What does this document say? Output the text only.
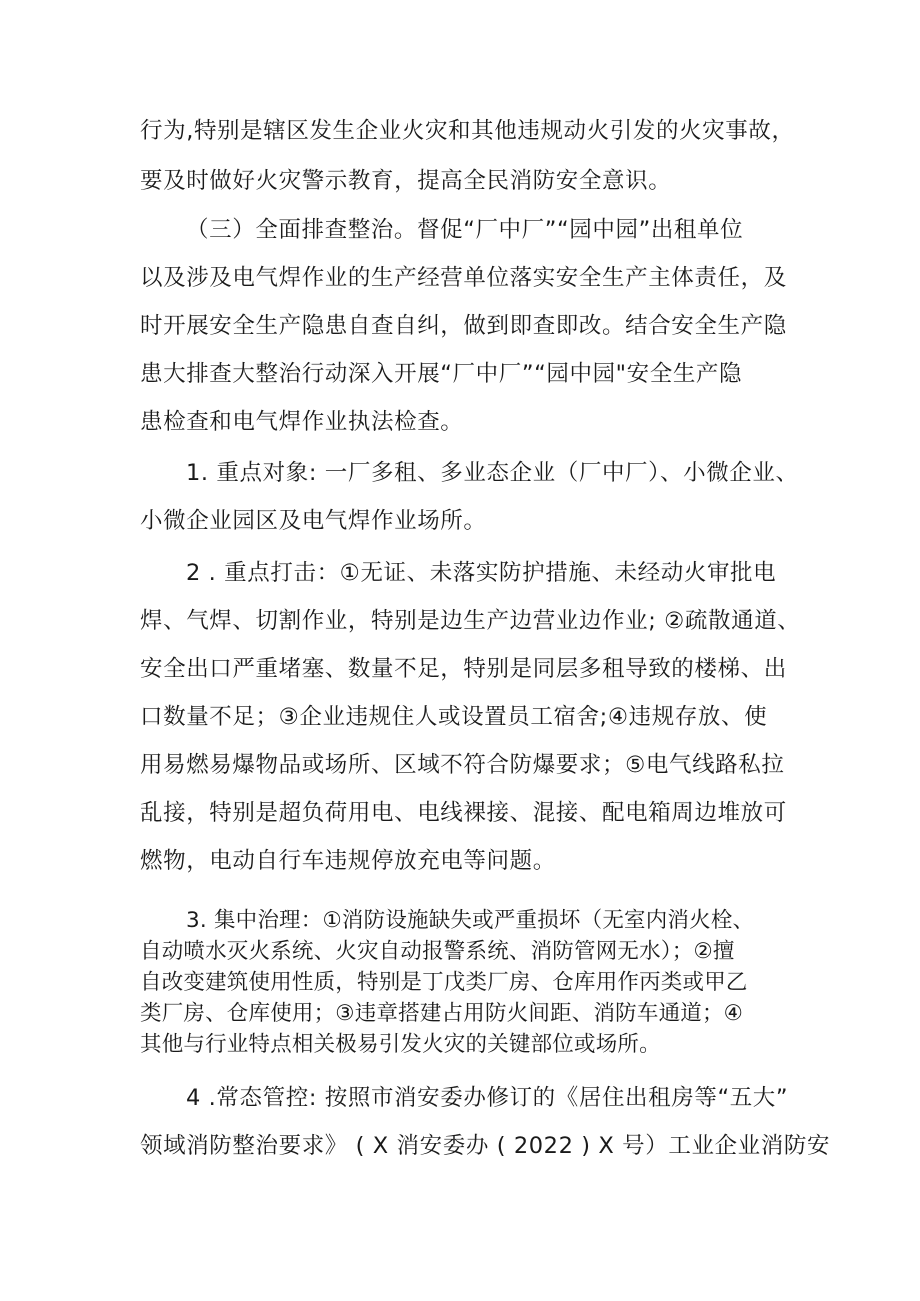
行为,特别是辖区发生企业火灾和其他违规动火引发的火灾事故，
要及时做好火灾警示教育，提高全民消防安全意识。
（三）全面排查整治。督促“厂中厂”“园中园”出租单位
以及涉及电气焊作业的生产经营单位落实安全生产主体责任，及
时开展安全生产隐患自查自纠，做到即查即改。结合安全生产隐
患大排查大整治行动深入开展“厂中厂”“园中园"安全生产隐
患检查和电气焊作业执法检查。
1. 重点对象: 一厂多租、多业态企业（厂中厂）、小微企业、
小微企业园区及电气焊作业场所。
2 . 重点打击：①无证、未落实防护措施、未经动火审批电
焊、气焊、切割作业，特别是边生产边营业边作业; ②疏散通道、
安全出口严重堵塞、数量不足，特别是同层多租导致的楼梯、出
口数量不足；③企业违规住人或设置员工宿舍;④违规存放、使
用易燃易爆物品或场所、区域不符合防爆要求；⑤电气线路私拉
乱接，特别是超负荷用电、电线裸接、混接、配电箱周边堆放可
燃物，电动自行车违规停放充电等问题。
3. 集中治理：①消防设施缺失或严重损坏（无室内消火栓、
自动喷水灭火系统、火灾自动报警系统、消防管网无水）；②擅
自改变建筑使用性质，特别是丁戊类厂房、仓库用作丙类或甲乙
类厂房、仓库使用；③违章搭建占用防火间距、消防车通道；④
其他与行业特点相关极易引发火灾的关键部位或场所。
4 .常态管控: 按照市消安委办修订的《居住出租房等“五大”
领域消防整治要求》 ( X 消安委办 ( 2022 ) X 号）工业企业消防安
